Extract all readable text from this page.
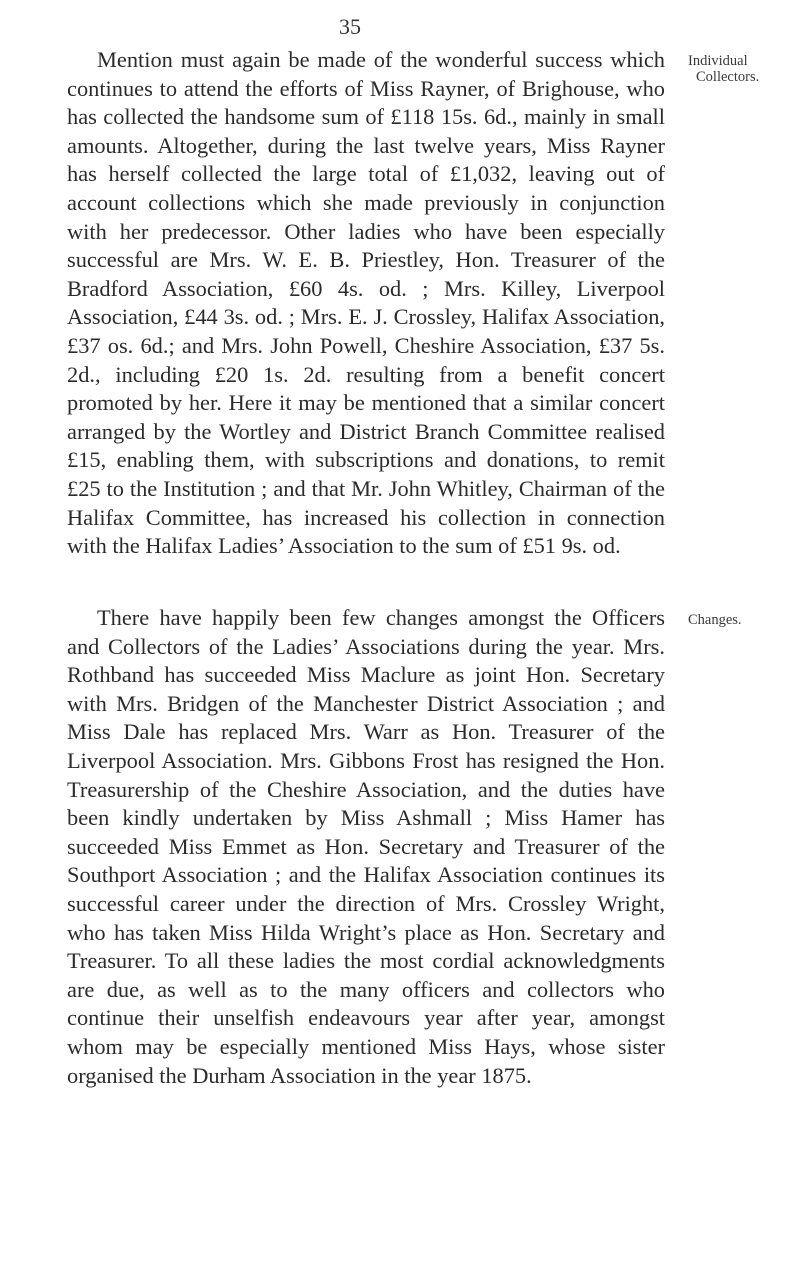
35

Mention must again be made of the wonderful success which continues to attend the efforts of Miss Rayner, of Brighouse, who has collected the handsome sum of £118 15s. 6d., mainly in small amounts. Altogether, during the last twelve years, Miss Rayner has herself collected the large total of £1,032, leaving out of account collections which she made previously in conjunction with her predecessor. Other ladies who have been especially successful are Mrs. W. E. B. Priestley, Hon. Treasurer of the Bradford Association, £60 4s. od. ; Mrs. Killey, Liverpool Association, £44 3s. od. ; Mrs. E. J. Crossley, Halifax Association, £37 os. 6d.; and Mrs. John Powell, Cheshire Association, £37 5s. 2d., including £20 1s. 2d. resulting from a benefit concert promoted by her. Here it may be mentioned that a similar concert arranged by the Wortley and District Branch Committee realised £15, enabling them, with subscriptions and donations, to remit £25 to the Institution ; and that Mr. John Whitley, Chairman of the Halifax Committee, has increased his collection in connection with the Halifax Ladies’ Association to the sum of £51 9s. od.

Individual
Collectors.

There have happily been few changes amongst the Officers and Collectors of the Ladies’ Associations during the year. Mrs. Rothband has succeeded Miss Maclure as joint Hon. Secretary with Mrs. Bridgen of the Manchester District Association ; and Miss Dale has replaced Mrs. Warr as Hon. Treasurer of the Liverpool Association. Mrs. Gibbons Frost has resigned the Hon. Treasurership of the Cheshire Association, and the duties have been kindly undertaken by Miss Ashmall ; Miss Hamer has succeeded Miss Emmet as Hon. Secretary and Treasurer of the Southport Association ; and the Halifax Association continues its successful career under the direction of Mrs. Crossley Wright, who has taken Miss Hilda Wright’s place as Hon. Secretary and Treasurer. To all these ladies the most cordial acknowledgments are due, as well as to the many officers and collectors who continue their unselfish endeavours year after year, amongst whom may be especially mentioned Miss Hays, whose sister organised the Durham Association in the year 1875.

Changes.
